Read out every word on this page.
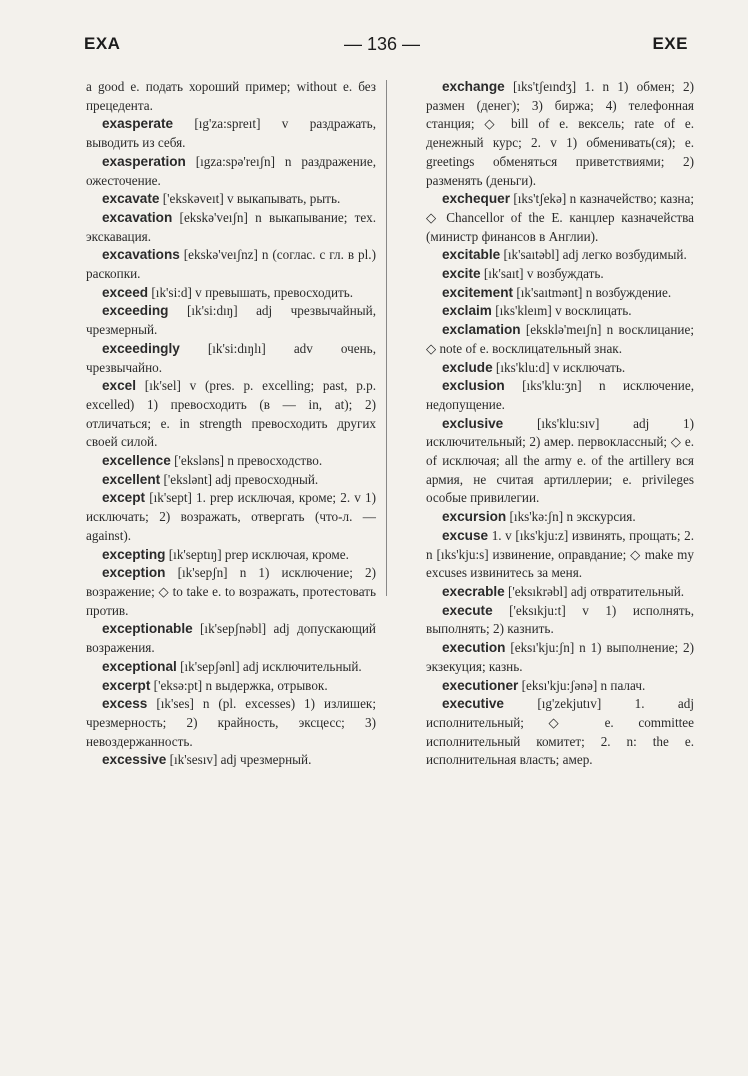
EXA	— 136 —	EXE

a good e. подать хороший пример; without e. без прецедента.

exasperate [ıg'za:spreıt] v раздражать, выводить из себя.

exasperation [ıgza:spə'reıʃn] n раздражение, ожесточение.

excavate ['ekskəveıt] v выкапывать, рыть.

excavation [ekskə'veıʃn] n выкапывание; тех. экскавация.

excavations [ekskə'veıʃnz] n (соглас. с гл. в pl.) раскопки.

exceed [ık'si:d] v превышать, превосходить.

exceeding [ık'si:dıŋ] adj чрезвычайный, чрезмерный.

exceedingly [ık'si:dıŋlı] adv очень, чрезвычайно.

excel [ık'sel] v (pres. p. excelling; past, p.p. excelled) 1) превосходить (в — in, at); 2) отличаться; e. in strength превосходить других своей силой.

excellence ['ekslǝns] n превосходство.

excellent ['ekslǝnt] adj превосходный.

except [ık'sept] 1. prep исключая, кроме; 2. v 1) исключать; 2) возражать, отвергать (что-л. — against).

excepting [ık'septıŋ] prep исключая, кроме.

exception [ık'sepʃn] n 1) исключение; 2) возражение; ◇ to take e. to возражать, протестовать против.

exceptionable [ık'sepʃnǝbl] adj допускающий возражения.

exceptional [ık'sepʃǝnl] adj исключительный.

excerpt ['eksǝ:pt] n выдержка, отрывок.

excess [ık'ses] n (pl. excesses) 1) излишек; чрезмерность; 2) крайность, эксцесс; 3) невоздержанность.

excessive [ık'sesıv] adj чрезмерный.

exchange [ıks'tʃeındʒ] 1. n 1) обмен; 2) размен (денег); 3) биржа; 4) телефонная станция; ◇ bill of e. вексель; rate of e. денежный курс; 2. v 1) обменивать(ся); e. greetings обменяться приветствиями; 2) разменять (деньги).

exchequer [ıks'tʃekǝ] n казначейство; казна; ◇ Chancellor of the E. канцлер казначейства (министр финансов в Англии).

excitable [ık'saıtǝbl] adj легко возбудимый.

excite [ık'saıt] v возбуждать.

excitement [ık'saıtmǝnt] n возбуждение.

exclaim [ıks'kleım] v восклицать.

exclamation [eksklǝ'meıʃn] n восклицание; ◇ note of e. восклицательный знак.

exclude [ıks'klu:d] v исключать.

exclusion [ıks'klu:ʒn] n исключение, недопущение.

exclusive [ıks'klu:sıv] adj 1) исключительный; 2) амер. первоклассный; ◇ e. of исключая; all the army e. of the artillery вся армия, не считая артиллерии; e. privileges особые привилегии.

excursion [ıks'kǝ:ʃn] n экскурсия.

excuse 1. v [ıks'kju:z] извинять, прощать; 2. n [ıks'kju:s] извинение, оправдание; ◇ make my excuses извинитесь за меня.

execrable ['eksıkrǝbl] adj отвратительный.

execute ['eksıkju:t] v 1) исполнять, выполнять; 2) казнить.

execution [eksı'kju:ʃn] n 1) выполнение; 2) экзекуция; казнь.

executioner [eksı'kju:ʃǝnǝ] n палач.

executive [ıg'zekjutıv] 1. adj исполнительный; ◇ e. committee исполнительный комитет; 2. n: the e. исполнительная власть; амер.
